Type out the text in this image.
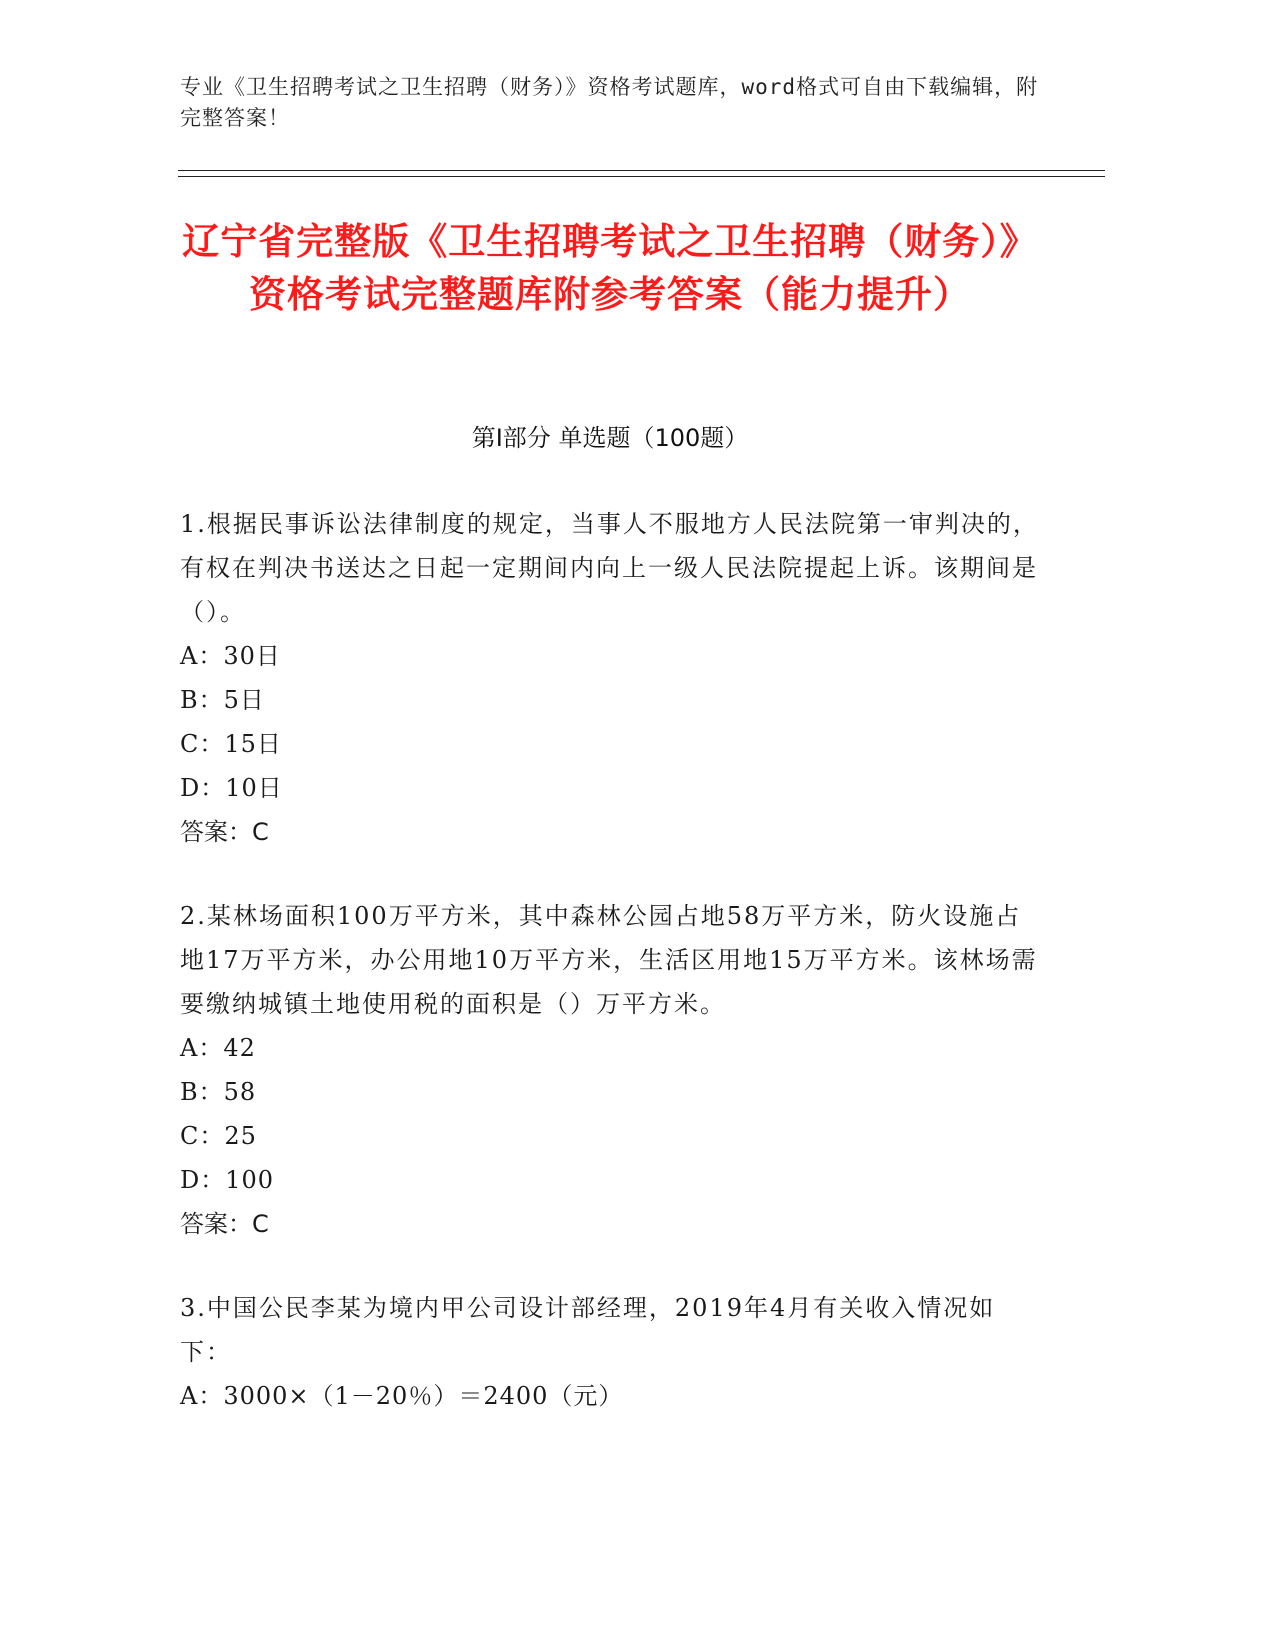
专业《卫生招聘考试之卫生招聘（财务）》资格考试题库，word格式可自由下载编辑，附完整答案！
辽宁省完整版《卫生招聘考试之卫生招聘（财务）》资格考试完整题库附参考答案（能力提升）
第Ⅰ部分 单选题（100题）

1.根据民事诉讼法律制度的规定，当事人不服地方人民法院第一审判决的，有权在判决书送达之日起一定期间内向上一级人民法院提起上诉。该期间是（）。

A：30日

B：5日

C：15日

D：10日

答案：C

2.某林场面积100万平方米，其中森林公园占地58万平方米，防火设施占地17万平方米，办公用地10万平方米，生活区用地15万平方米。该林场需要缴纳城镇土地使用税的面积是（）万平方米。

A：42

B：58

C：25

D：100

答案：C

3.中国公民李某为境内甲公司设计部经理，2019年4月有关收入情况如下：

A：3000×（1－20％）＝2400（元）
